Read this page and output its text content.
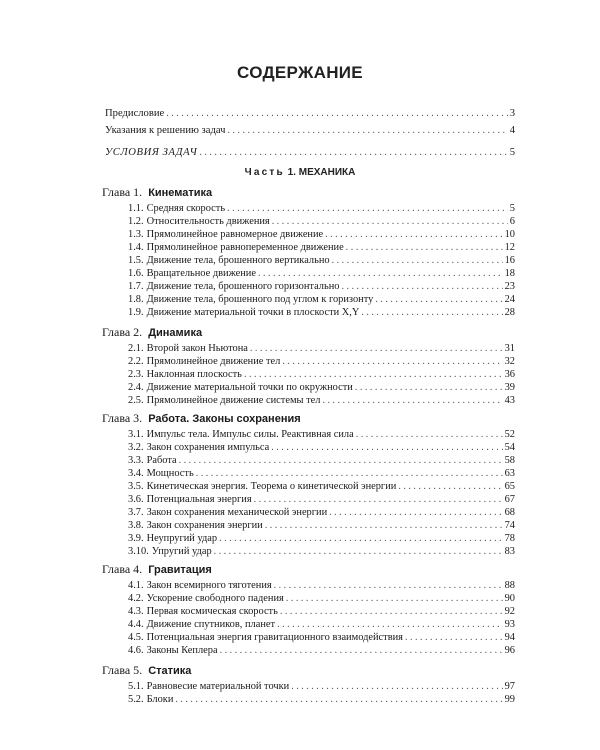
СОДЕРЖАНИЕ
Предисловие . . .	3
Указания к решению задач . . .	4
УСЛОВИЯ ЗАДАЧ . . .	5
Часть 1. МЕХАНИКА
Глава 1. Кинематика
1.1. Средняя скорость . . .	5
1.2. Относительность движения . . .	6
1.3. Прямолинейное равномерное движение . . .	10
1.4. Прямолинейное равнопеременное движение . . .	12
1.5. Движение тела, брошенного вертикально . . .	16
1.6. Вращательное движение . . .	18
1.7. Движение тела, брошенного горизонтально . . .	23
1.8. Движение тела, брошенного под углом к горизонту . . .	24
1.9. Движение материальной точки в плоскости X,Y . . .	28
Глава 2. Динамика
2.1. Второй закон Ньютона . . .	31
2.2. Прямолинейное движение тел . . .	32
2.3. Наклонная плоскость . . .	36
2.4. Движение материальной точки по окружности . . .	39
2.5. Прямолинейное движение системы тел . . .	43
Глава 3. Работа. Законы сохранения
3.1. Импульс тела. Импульс силы. Реактивная сила . . .	52
3.2. Закон сохранения импульса . . .	54
3.3. Работа . . .	58
3.4. Мощность . . .	63
3.5. Кинетическая энергия. Теорема о кинетической энергии . . .	65
3.6. Потенциальная энергия . . .	67
3.7. Закон сохранения механической энергии . . .	68
3.8. Закон сохранения энергии . . .	74
3.9. Неупругий удар . . .	78
3.10. Упругий удар . . .	83
Глава 4. Гравитация
4.1. Закон всемирного тяготения . . .	88
4.2. Ускорение свободного падения . . .	90
4.3. Первая космическая скорость . . .	92
4.4. Движение спутников, планет . . .	93
4.5. Потенциальная энергия гравитационного взаимодействия . . .	94
4.6. Законы Кеплера . . .	96
Глава 5. Статика
5.1. Равновесие материальной точки . . .	97
5.2. Блоки . . .	99
